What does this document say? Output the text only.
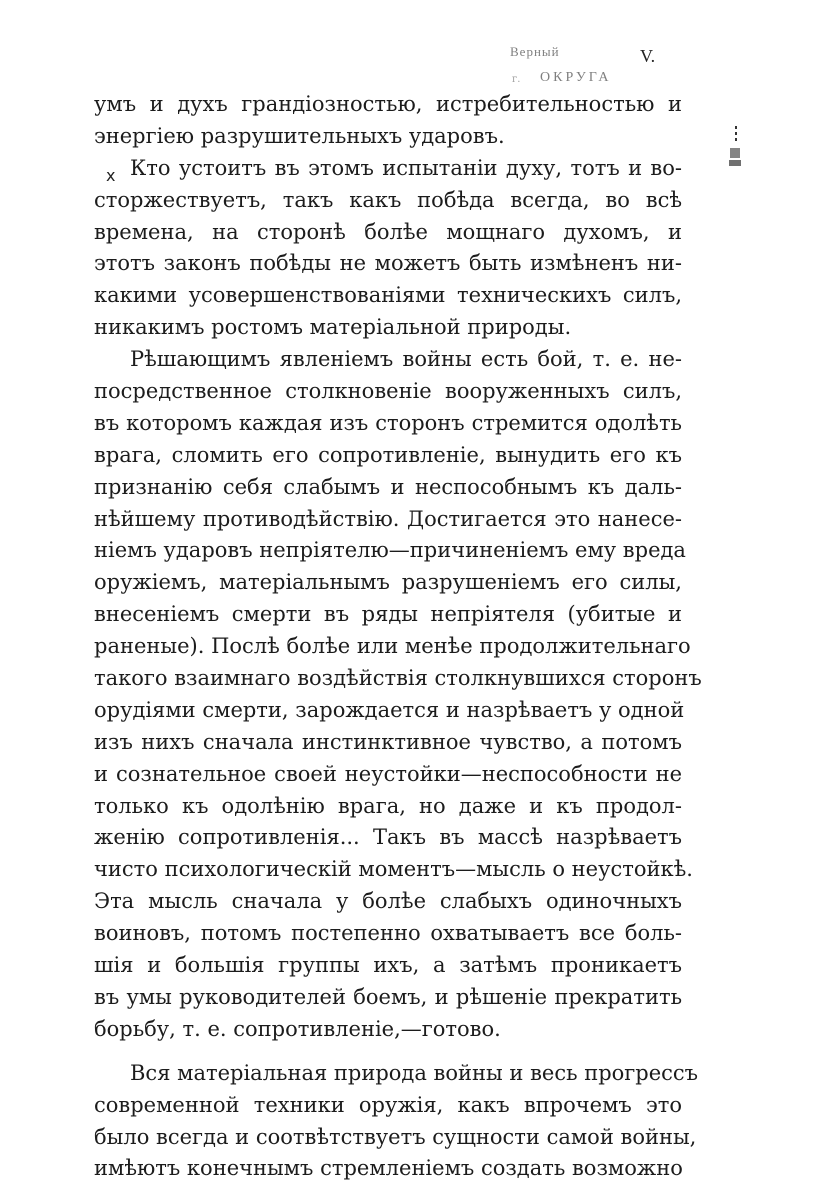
Верный
г. ОКРУГА
V.
x
умъ и духъ грандіозностью, истребительностью и
энергіею разрушительныхъ ударовъ.
Кто устоитъ въ этомъ испытаніи духу, тотъ и во-
сторжествуетъ, такъ какъ побѣда всегда, во всѣ
времена, на сторонѣ болѣе мощнаго духомъ, и
этотъ законъ побѣды не можетъ быть измѣненъ ни-
какими усовершенствованіями техническихъ силъ,
никакимъ ростомъ матеріальной природы.
Рѣшающимъ явленіемъ войны есть бой, т. е. не-
посредственное столкновеніе вооруженныхъ силъ,
въ которомъ каждая изъ сторонъ стремится одолѣть
врага, сломить его сопротивленіе, вынудить его къ
признанію себя слабымъ и неспособнымъ къ даль-
нѣйшему противодѣйствію. Достигается это нанесе-
ніемъ ударовъ непріятелю—причиненіемъ ему вреда
оружіемъ, матеріальнымъ разрушеніемъ его силы,
внесеніемъ смерти въ ряды непріятеля (убитые и
раненые). Послѣ болѣе или менѣе продолжительнаго
такого взаимнаго воздѣйствія столкнувшихся сторонъ
орудіями смерти, зарождается и назрѣваетъ у одной
изъ нихъ сначала инстинктивное чувство, а потомъ
и сознательное своей неустойки—неспособности не
только къ одолѣнію врага, но даже и къ продол-
женію сопротивленія... Такъ въ массѣ назрѣваетъ
чисто психологическій моментъ—мысль о неустойкѣ.
Эта мысль сначала у болѣе слабыхъ одиночныхъ
воиновъ, потомъ постепенно охватываетъ все боль-
шія и большія группы ихъ, а затѣмъ проникаетъ
въ умы руководителей боемъ, и рѣшеніе прекратить
борьбу, т. е. сопротивленіе,—готово.
Вся матеріальная природа войны и весь прогрессъ
современной техники оружія, какъ впрочемъ это
было всегда и соотвѣтствуетъ сущности самой войны,
имѣютъ конечнымъ стремленіемъ создать возможно
